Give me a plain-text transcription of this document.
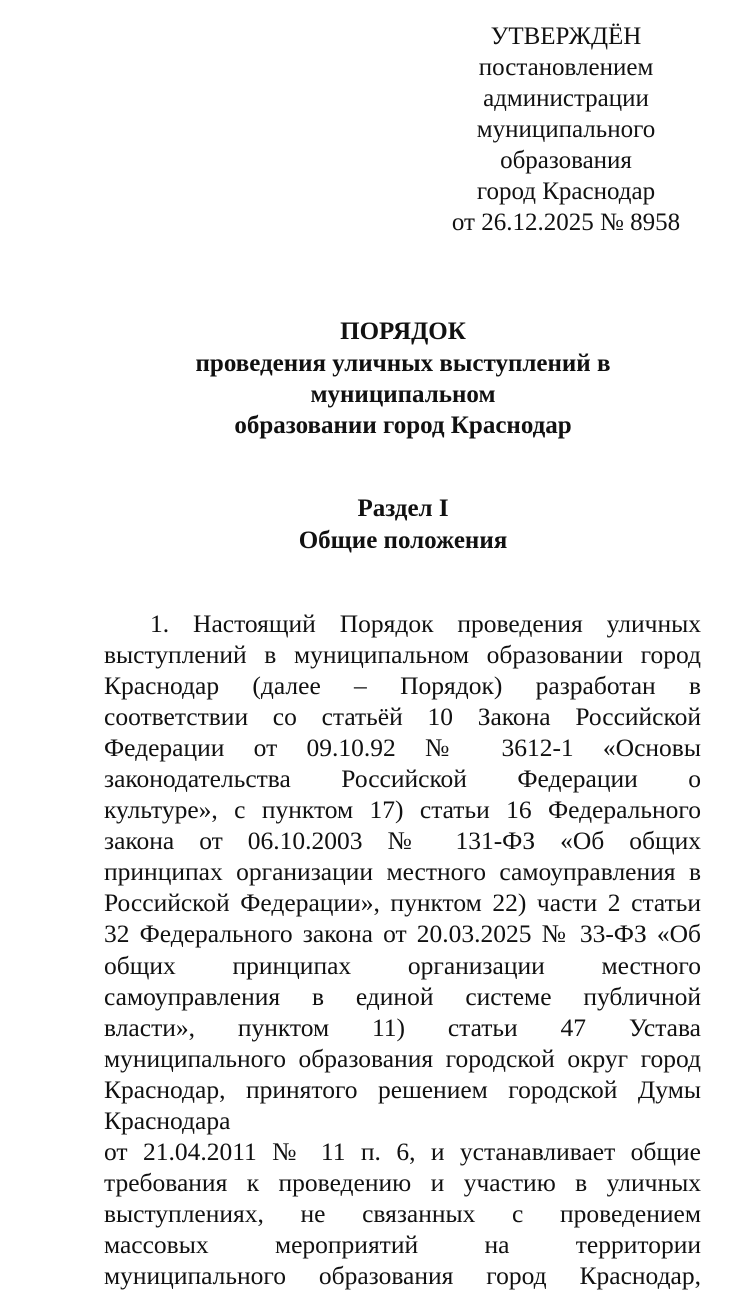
УТВЕРЖДЁН
постановлением
администрации
муниципального
образования
город Краснодар
от 26.12.2025 № 8958
ПОРЯДОК
проведения уличных выступлений в
муниципальном
образовании город Краснодар
Раздел I
Общие положения
1. Настоящий Порядок проведения уличных
выступлений в муниципальном образовании город
Краснодар (далее – Порядок) разработан в
соответствии со статьёй 10 Закона Российской
Федерации от 09.10.92 № 3612-1 «Основы
законодательства Российской Федерации о
культуре», с пунктом 17) статьи 16 Федерального
закона от 06.10.2003 № 131-ФЗ «Об общих
принципах организации местного самоуправления в
Российской Федерации», пунктом 22) части 2 статьи
32 Федерального закона от 20.03.2025 № 33-ФЗ «Об
общих принципах организации местного
самоуправления в единой системе публичной
власти», пунктом 11) статьи 47 Устава
муниципального образования городской округ город
Краснодар, принятого решением городской Думы
Краснодара
от 21.04.2011 № 11 п. 6, и устанавливает общие
требования к проведению и участию в уличных
выступлениях, не связанных с проведением
массовых мероприятий на территории
муниципального образования город Краснодар,
